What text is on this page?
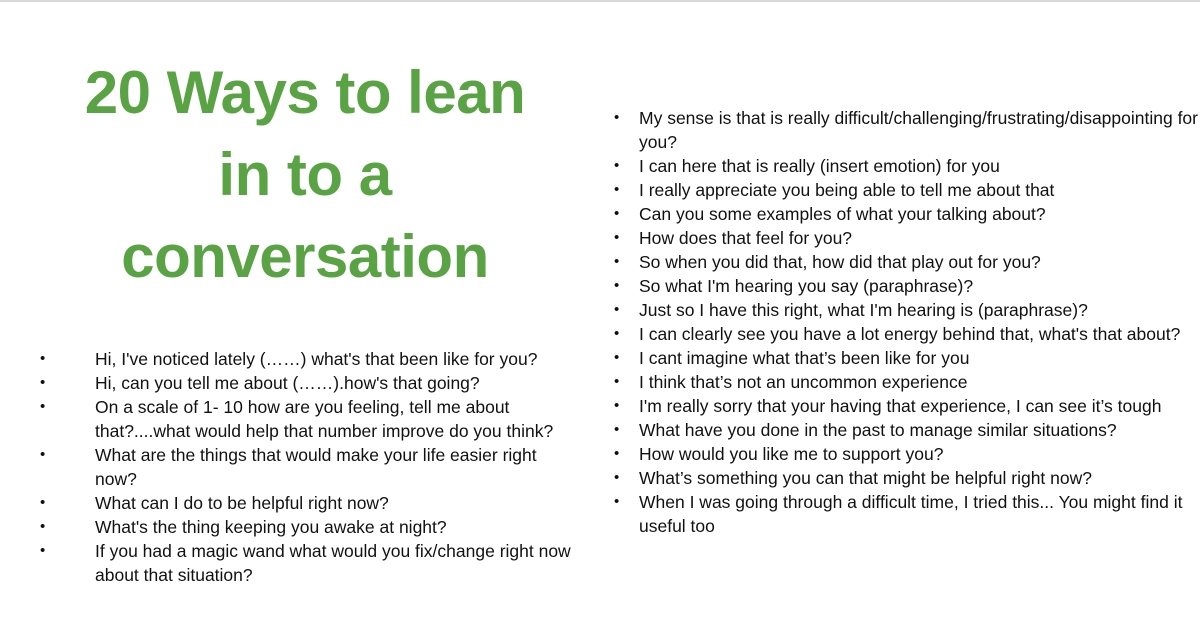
20 Ways to lean
in to a
conversation
• Hi, I've noticed lately (……) what's that been like for you?
• Hi, can you tell me about (……).how's that going?
• On a scale of 1- 10 how are you feeling, tell me about that?....what would help that number improve do you think?
• What are the things that would make your life easier right now?
• What can I do to be helpful right now?
• What's the thing keeping you awake at night?
• If you had a magic wand what would you fix/change right now about that situation?
• My sense is that is really difficult/challenging/frustrating/disappointing for you?
• I can here that is really (insert emotion) for you
• I really appreciate you being able to tell me about that
• Can you some examples of what your talking about?
• How does that feel for you?
• So when you did that, how did that play out for you?
• So what I'm hearing you say (paraphrase)?
• Just so I have this right, what I'm hearing is (paraphrase)?
• I can clearly see you have a lot energy behind that, what's that about?
• I cant imagine what that’s been like for you
• I think that’s not an uncommon experience
• I'm really sorry that your having that experience, I can see it’s tough
• What have you done in the past to manage similar situations?
• How would you like me to support you?
• What’s something you can that might be helpful right now?
• When I was going through a difficult time, I tried this... You might find it useful too
